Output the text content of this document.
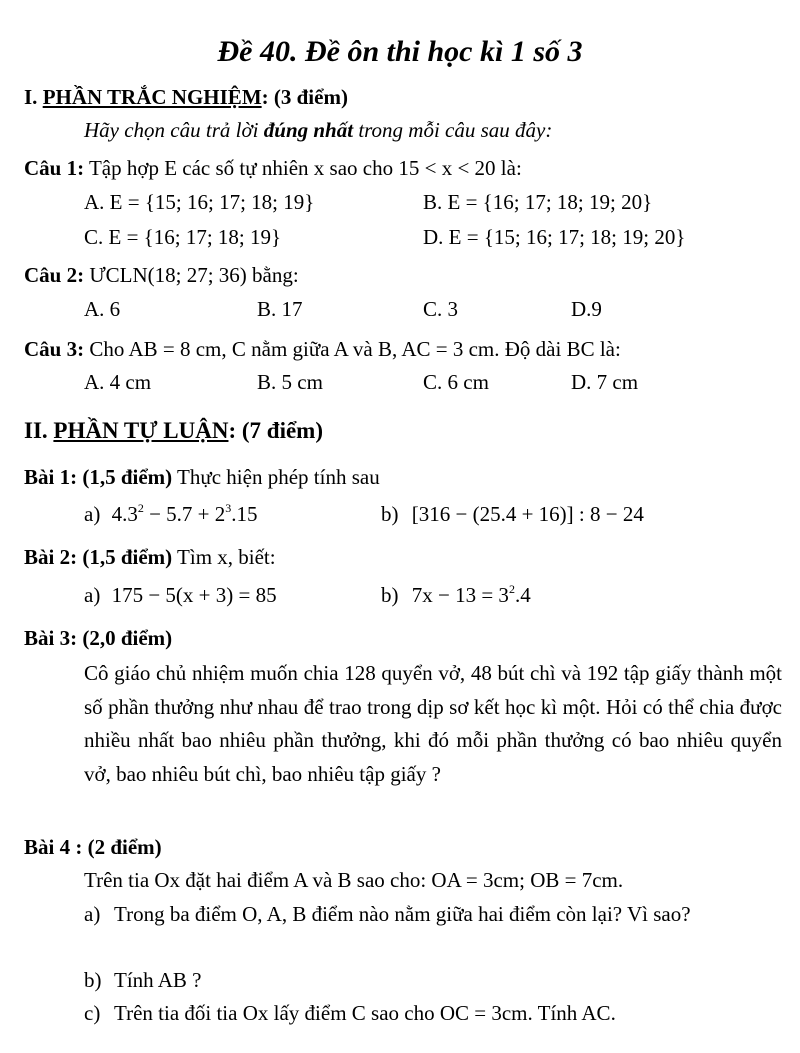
Đề 40. Đề ôn thi học kì 1 số 3
I. PHẦN TRẮC NGHIỆM: (3 điểm)
Hãy chọn câu trả lời đúng nhất trong mỗi câu sau đây:
Câu 1: Tập hợp E các số tự nhiên x sao cho 15 < x < 20 là:
A. E = {15; 16; 17; 18; 19}	B. E = {16; 17; 18; 19; 20}
C. E = {16; 17; 18; 19}	D. E = {15; 16; 17; 18; 19; 20}
Câu 2: ƯCLN(18; 27; 36) bằng:
A. 6	B. 17	C. 3	D.9
Câu 3: Cho AB = 8 cm, C nằm giữa A và B, AC = 3 cm. Độ dài BC là:
A. 4 cm	B. 5 cm	C. 6 cm	D. 7 cm
II. PHẦN TỰ LUẬN: (7 điểm)
Bài 1: (1,5 điểm) Thực hiện phép tính sau
a) $4.3^2 - 5.7 + 2^3.15$	b) [316 − (25.4 + 16)] : 8 − 24
Bài 2: (1,5 điểm) Tìm x, biết:
a) 175 − 5(x + 3) = 85	b) $7x - 13 = 3^2.4$
Bài 3: (2,0 điểm)
Cô giáo chủ nhiệm muốn chia 128 quyển vở, 48 bút chì và 192 tập giấy thành một số phần thưởng như nhau để trao trong dịp sơ kết học kì một. Hỏi có thể chia được nhiều nhất bao nhiêu phần thưởng, khi đó mỗi phần thưởng có bao nhiêu quyển vở, bao nhiêu bút chì, bao nhiêu tập giấy ?
Bài 4 : (2 điểm)
Trên tia Ox đặt hai điểm A và B sao cho: OA = 3cm; OB = 7cm.
a) Trong ba điểm O, A, B điểm nào nằm giữa hai điểm còn lại? Vì sao?
b) Tính AB ?
c) Trên tia đối tia Ox lấy điểm C sao cho OC = 3cm. Tính AC.
